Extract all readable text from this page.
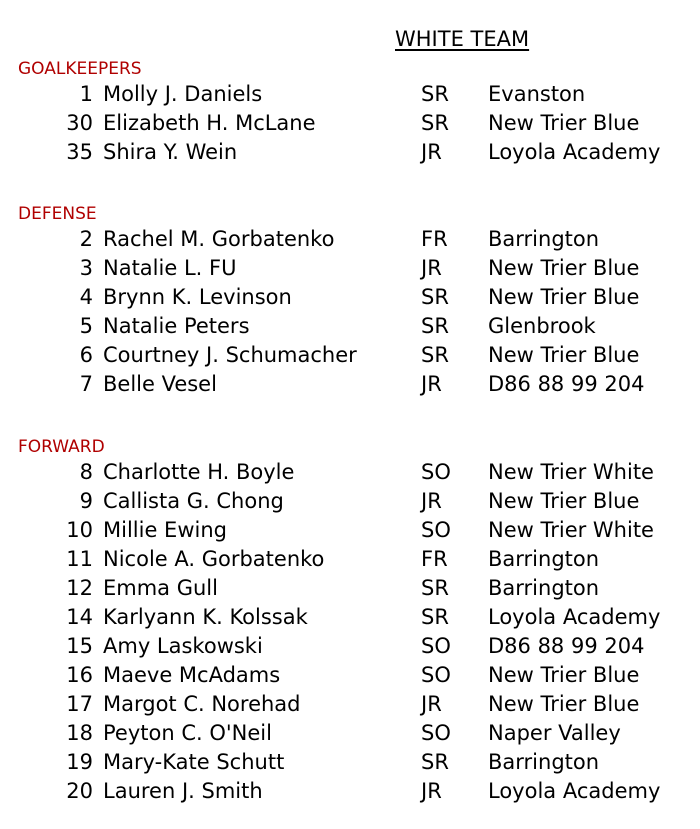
WHITE TEAM
GOALKEEPERS
1 Molly J. Daniels	SR Evanston
30 Elizabeth H. McLane	SR New Trier Blue
35 Shira Y. Wein	JR Loyola Academy
DEFENSE
2 Rachel M. Gorbatenko	FR Barrington
3 Natalie L. FU	JR New Trier Blue
4 Brynn K. Levinson	SR New Trier Blue
5 Natalie Peters	SR Glenbrook
6 Courtney J. Schumacher	SR New Trier Blue
7 Belle Vesel	JR D86 88 99 204
FORWARD
8 Charlotte H. Boyle	SO New Trier White
9 Callista G. Chong	JR New Trier Blue
10 Millie Ewing	SO New Trier White
11 Nicole A. Gorbatenko	FR Barrington
12 Emma Gull	SR Barrington
14 Karlyann K. Kolssak	SR Loyola Academy
15 Amy Laskowski	SO D86 88 99 204
16 Maeve McAdams	SO New Trier Blue
17 Margot C. Norehad	JR New Trier Blue
18 Peyton C. O'Neil	SO Naper Valley
19 Mary-Kate Schutt	SR Barrington
20 Lauren J. Smith	JR Loyola Academy
